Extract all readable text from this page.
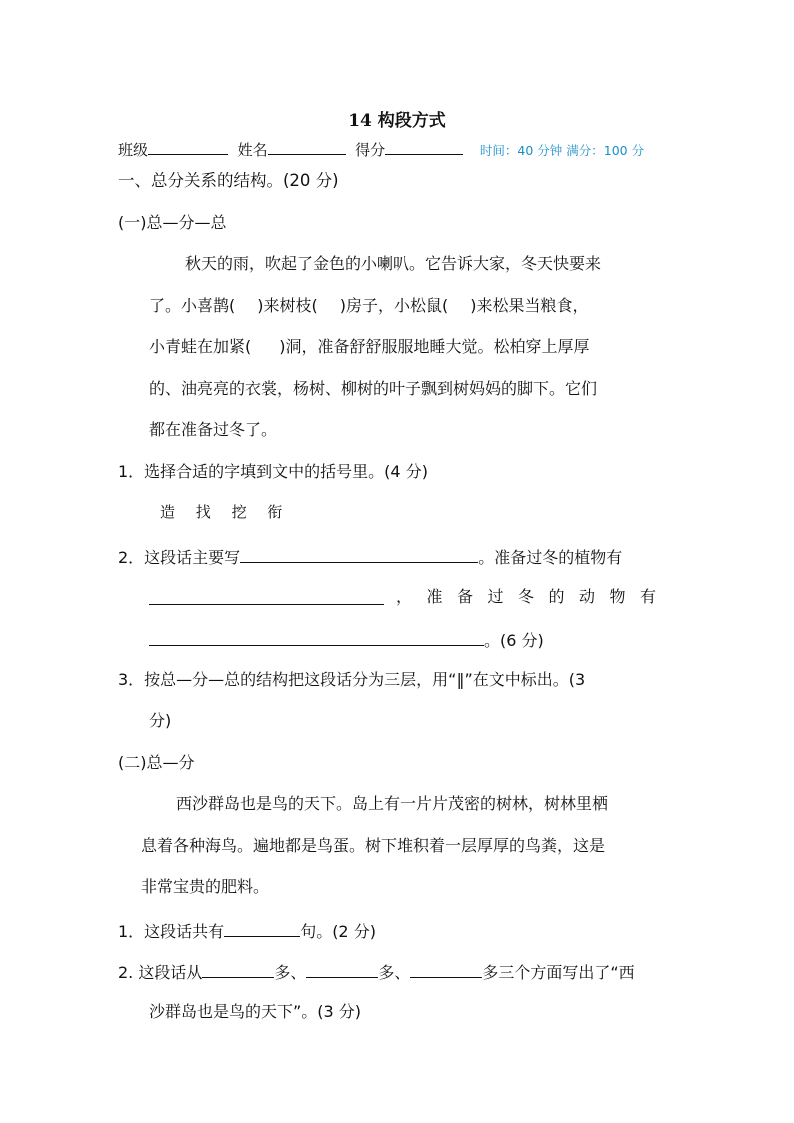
14 构段方式
班级	姓名	得分	时间：40 分钟 满分：100 分
一、总分关系的结构。(20 分)
(一)总—分—总
秋天的雨，吹起了金色的小喇叭。它告诉大家，冬天快要来
了。小喜鹊( )来树枝( )房子，小松鼠( )来松果当粮食，
小青蛙在加紧( )洞，准备舒舒服服地睡大觉。松柏穿上厚厚
的、油亮亮的衣裳，杨树、柳树的叶子飘到树妈妈的脚下。它们
都在准备过冬了。
1．选择合适的字填到文中的括号里。(4 分)
造 找 挖 衔
2．这段话主要写	。准备过冬的植物有
，准备过冬的动物有
。(6 分)
3．按总—分—总的结构把这段话分为三层，用“‖”在文中标出。(3
分)
(二)总—分
西沙群岛也是鸟的天下。岛上有一片片茂密的树林，树林里栖
息着各种海鸟。遍地都是鸟蛋。树下堆积着一层厚厚的鸟粪，这是
非常宝贵的肥料。
1．这段话共有	句。(2 分)
2. 这段话从	多、	多、	多三个方面写出了“西
沙群岛也是鸟的天下”。(3 分)
